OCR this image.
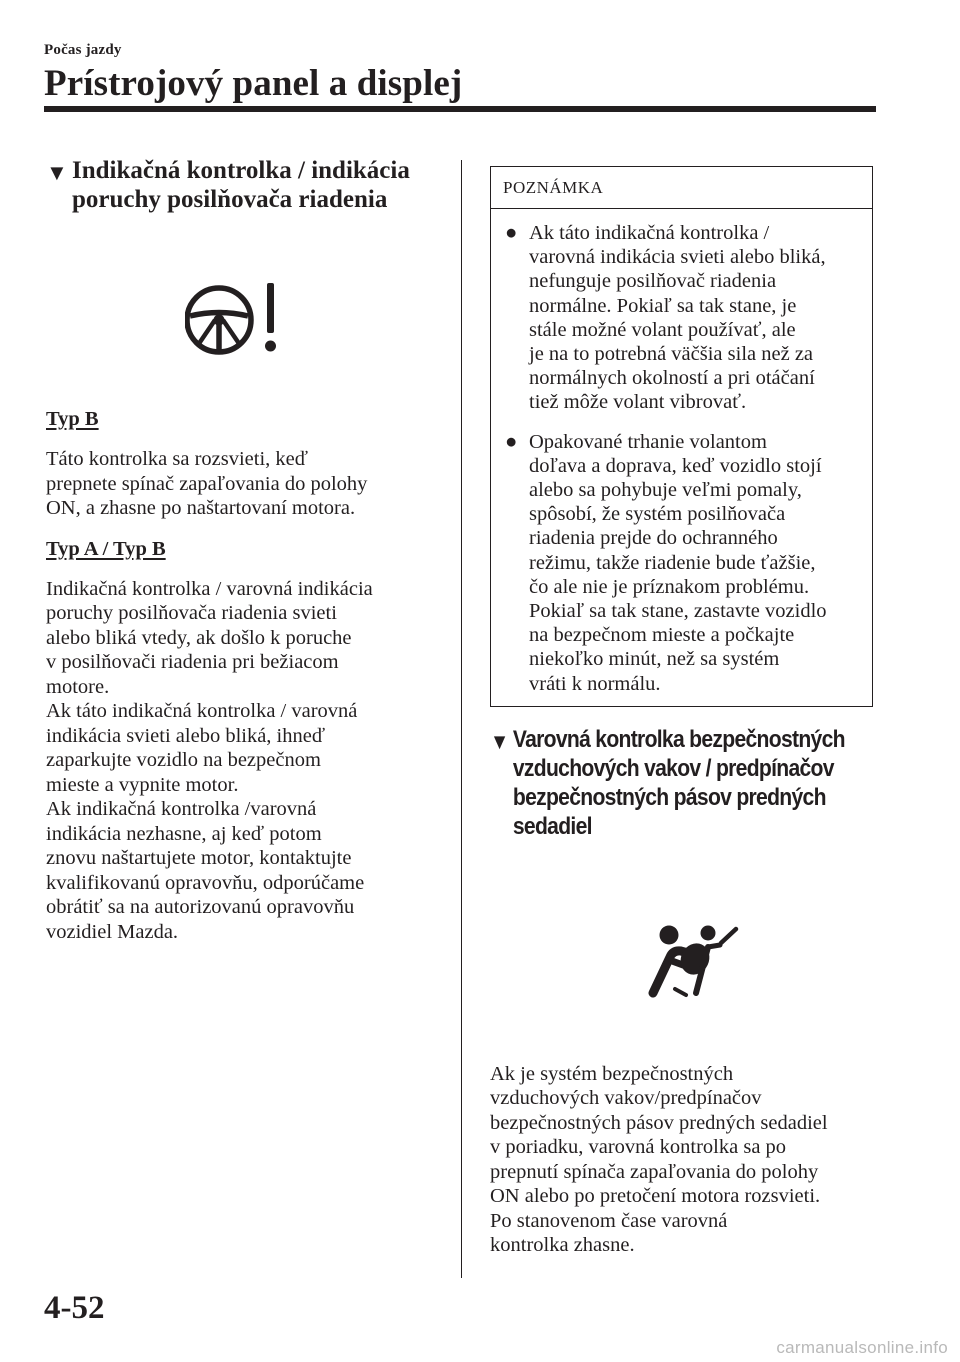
Počas jazdy
Prístrojový panel a displej
▼ Indikačná kontrolka / indikácia
poruchy posilňovača riadenia

Typ B

Táto kontrolka sa rozsvieti, keď
prepnete spínač zapaľovania do polohy
ON, a zhasne po naštartovaní motora.

Typ A / Typ B

Indikačná kontrolka / varovná indikácia
poruchy posilňovača riadenia svieti
alebo bliká vtedy, ak došlo k poruche
v posilňovači riadenia pri bežiacom
motore.
Ak táto indikačná kontrolka / varovná
indikácia svieti alebo bliká, ihneď
zaparkujte vozidlo na bezpečnom
mieste a vypnite motor.
Ak indikačná kontrolka /varovná
indikácia nezhasne, aj keď potom
znovu naštartujete motor, kontaktujte
kvalifikovanú opravovňu, odporúčame
obrátiť sa na autorizovanú opravovňu
vozidiel Mazda.

POZNÁMKA
● Ak táto indikačná kontrolka /
varovná indikácia svieti alebo bliká,
nefunguje posilňovač riadenia
normálne. Pokiaľ sa tak stane, je
stále možné volant používať, ale
je na to potrebná väčšia sila než za
normálnych okolností a pri otáčaní
tiež môže volant vibrovať.
● Opakované trhanie volantom
doľava a doprava, keď vozidlo stojí
alebo sa pohybuje veľmi pomaly,
spôsobí, že systém posilňovača
riadenia prejde do ochranného
režimu, takže riadenie bude ťažšie,
čo ale nie je príznakom problému.
Pokiaľ sa tak stane, zastavte vozidlo
na bezpečnom mieste a počkajte
niekoľko minút, než sa systém
vráti k normálu.
▼ Varovná kontrolka bezpečnostných
vzduchových vakov / predpínačov
bezpečnostných pásov predných
sedadiel

Ak je systém bezpečnostných
vzduchových vakov/predpínačov
bezpečnostných pásov predných sedadiel
v poriadku, varovná kontrolka sa po
prepnutí spínača zapaľovania do polohy
ON alebo po pretočení motora rozsvieti.
Po stanovenom čase varovná
kontrolka zhasne.

4-52
carmanualsonline.info
